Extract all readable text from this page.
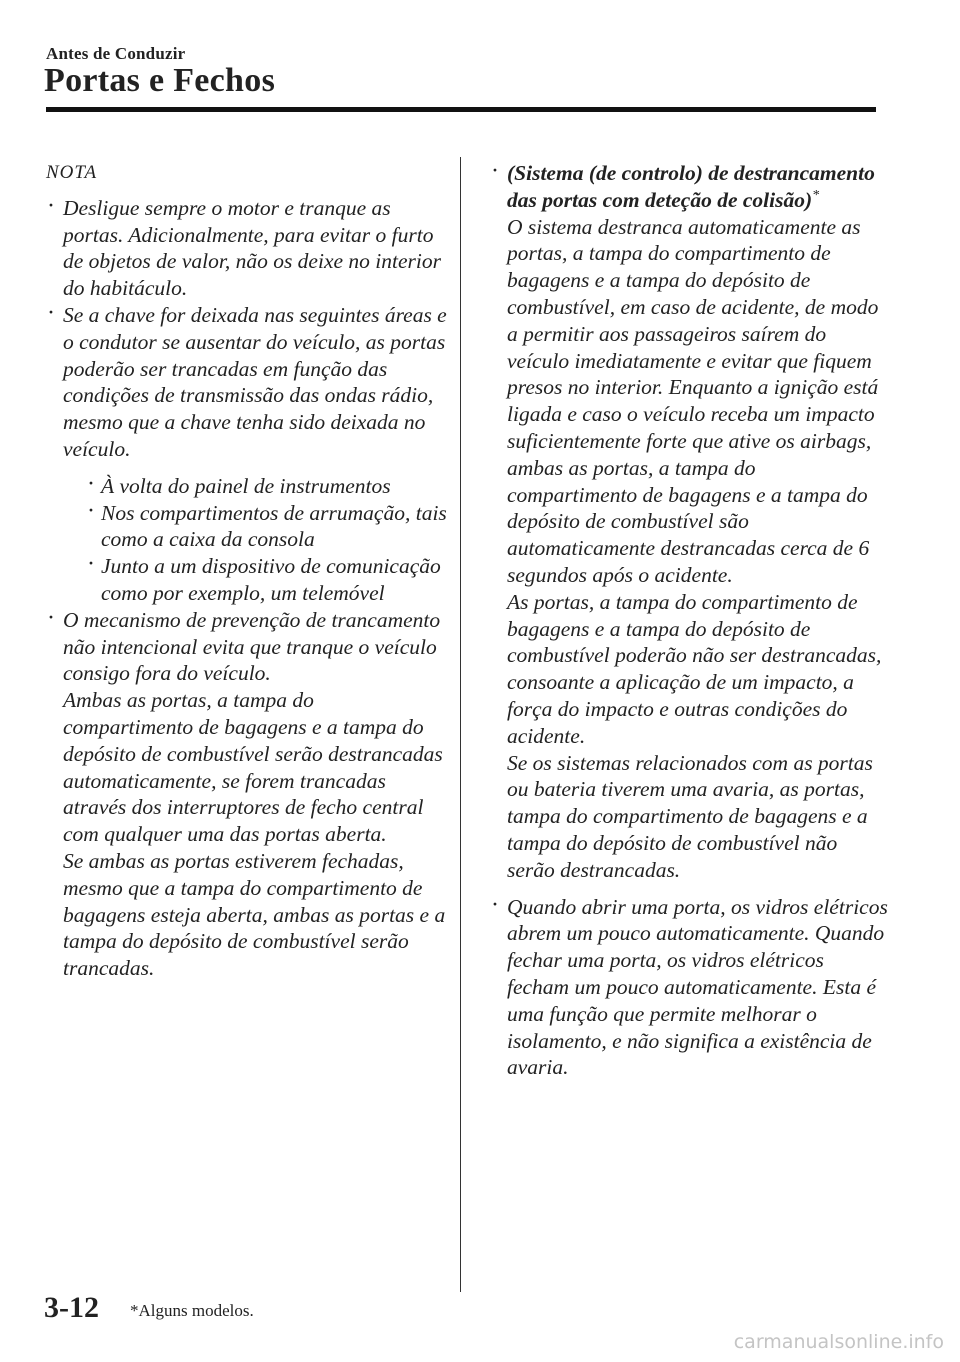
Antes de Conduzir
Portas e Fechos
NOTA
· Desligue sempre o motor e tranque as portas. Adicionalmente, para evitar o furto de objetos de valor, não os deixe no interior do habitáculo.
· Se a chave for deixada nas seguintes áreas e o condutor se ausentar do veículo, as portas poderão ser trancadas em função das condições de transmissão das ondas rádio, mesmo que a chave tenha sido deixada no veículo.
· À volta do painel de instrumentos
· Nos compartimentos de arrumação, tais como a caixa da consola
· Junto a um dispositivo de comunicação como por exemplo, um telemóvel
· O mecanismo de prevenção de trancamento não intencional evita que tranque o veículo consigo fora do veículo.
Ambas as portas, a tampa do compartimento de bagagens e a tampa do depósito de combustível serão destrancadas automaticamente, se forem trancadas através dos interruptores de fecho central com qualquer uma das portas aberta.
Se ambas as portas estiverem fechadas, mesmo que a tampa do compartimento de bagagens esteja aberta, ambas as portas e a tampa do depósito de combustível serão trancadas.
· (Sistema (de controlo) de destrancamento das portas com deteção de colisão)*
O sistema destranca automaticamente as portas, a tampa do compartimento de bagagens e a tampa do depósito de combustível, em caso de acidente, de modo a permitir aos passageiros saírem do veículo imediatamente e evitar que fiquem presos no interior. Enquanto a ignição está ligada e caso o veículo receba um impacto suficientemente forte que ative os airbags, ambas as portas, a tampa do compartimento de bagagens e a tampa do depósito de combustível são automaticamente destrancadas cerca de 6 segundos após o acidente.
As portas, a tampa do compartimento de bagagens e a tampa do depósito de combustível poderão não ser destrancadas, consoante a aplicação de um impacto, a força do impacto e outras condições do acidente.
Se os sistemas relacionados com as portas ou bateria tiverem uma avaria, as portas, tampa do compartimento de bagagens e a tampa do depósito de combustível não serão destrancadas.
· Quando abrir uma porta, os vidros elétricos abrem um pouco automaticamente. Quando fechar uma porta, os vidros elétricos fecham um pouco automaticamente. Esta é uma função que permite melhorar o isolamento, e não significa a existência de avaria.
3-12 *Alguns modelos.
carmanualsonline.info
